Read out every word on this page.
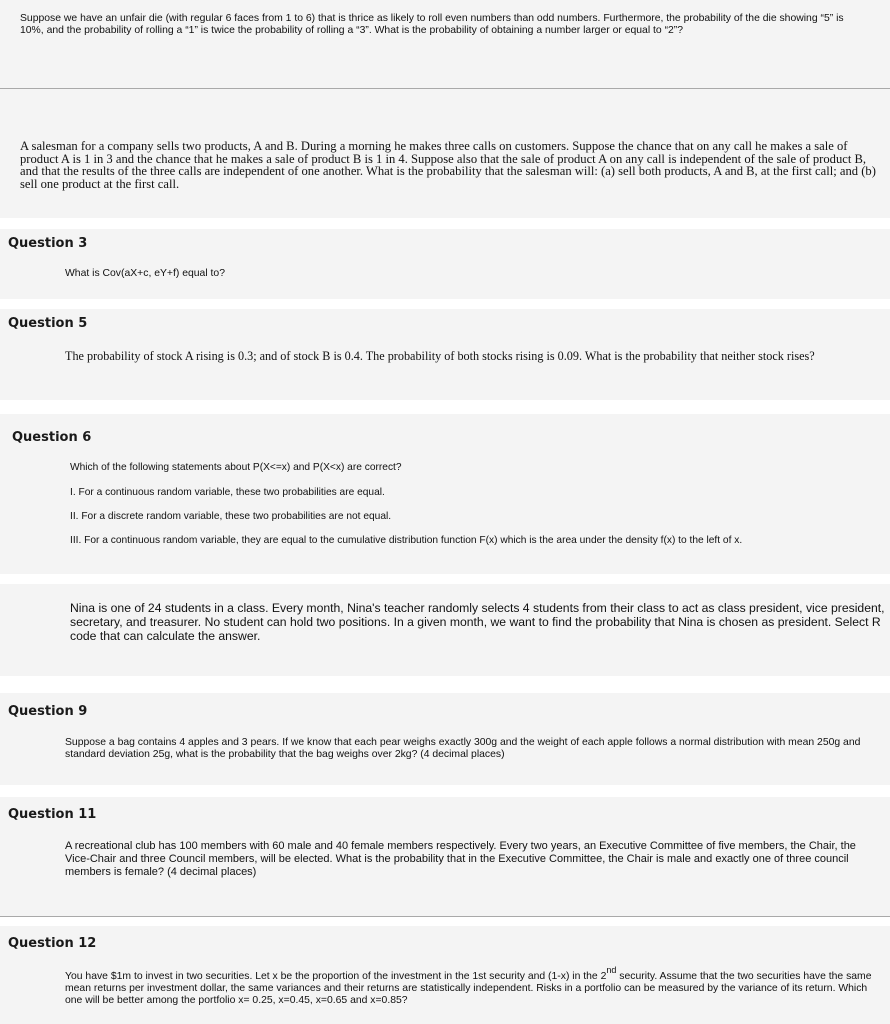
Suppose we have an unfair die (with regular 6 faces from 1 to 6) that is thrice as likely to roll even numbers than odd numbers. Furthermore, the probability of the die showing “5” is 10%, and the probability of rolling a “1” is twice the probability of rolling a “3”. What is the probability of obtaining a number larger or equal to “2”?
A salesman for a company sells two products, A and B. During a morning he makes three calls on customers. Suppose the chance that on any call he makes a sale of product A is 1 in 3 and the chance that he makes a sale of product B is 1 in 4. Suppose also that the sale of product A on any call is independent of the sale of product B, and that the results of the three calls are independent of one another. What is the probability that the salesman will: (a) sell both products, A and B, at the first call; and (b) sell one product at the first call.
Question 3
What is Cov(aX+c, eY+f) equal to?
Question 5
The probability of stock A rising is 0.3; and of stock B is 0.4. The probability of both stocks rising is 0.09. What is the probability that neither stock rises?
Question 6
Which of the following statements about P(X<=x) and P(X<x) are correct?
I. For a continuous random variable, these two probabilities are equal.
II. For a discrete random variable, these two probabilities are not equal.
III. For a continuous random variable, they are equal to the cumulative distribution function F(x) which is the area under the density f(x) to the left of x.
Nina is one of 24 students in a class. Every month, Nina's teacher randomly selects 4 students from their class to act as class president, vice president, secretary, and treasurer. No student can hold two positions. In a given month, we want to find the probability that Nina is chosen as president. Select R code that can calculate the answer.
Question 9
Suppose a bag contains 4 apples and 3 pears. If we know that each pear weighs exactly 300g and the weight of each apple follows a normal distribution with mean 250g and standard deviation 25g, what is the probability that the bag weighs over 2kg? (4 decimal places)
Question 11
A recreational club has 100 members with 60 male and 40 female members respectively. Every two years, an Executive Committee of five members, the Chair, the Vice-Chair and three Council members, will be elected. What is the probability that in the Executive Committee, the Chair is male and exactly one of three council members is female? (4 decimal places)
Question 12
You have $1m to invest in two securities. Let x be the proportion of the investment in the 1st security and (1-x) in the 2nd security. Assume that the two securities have the same mean returns per investment dollar, the same variances and their returns are statistically independent. Risks in a portfolio can be measured by the variance of its return. Which one will be better among the portfolio x= 0.25, x=0.45, x=0.65 and x=0.85?
